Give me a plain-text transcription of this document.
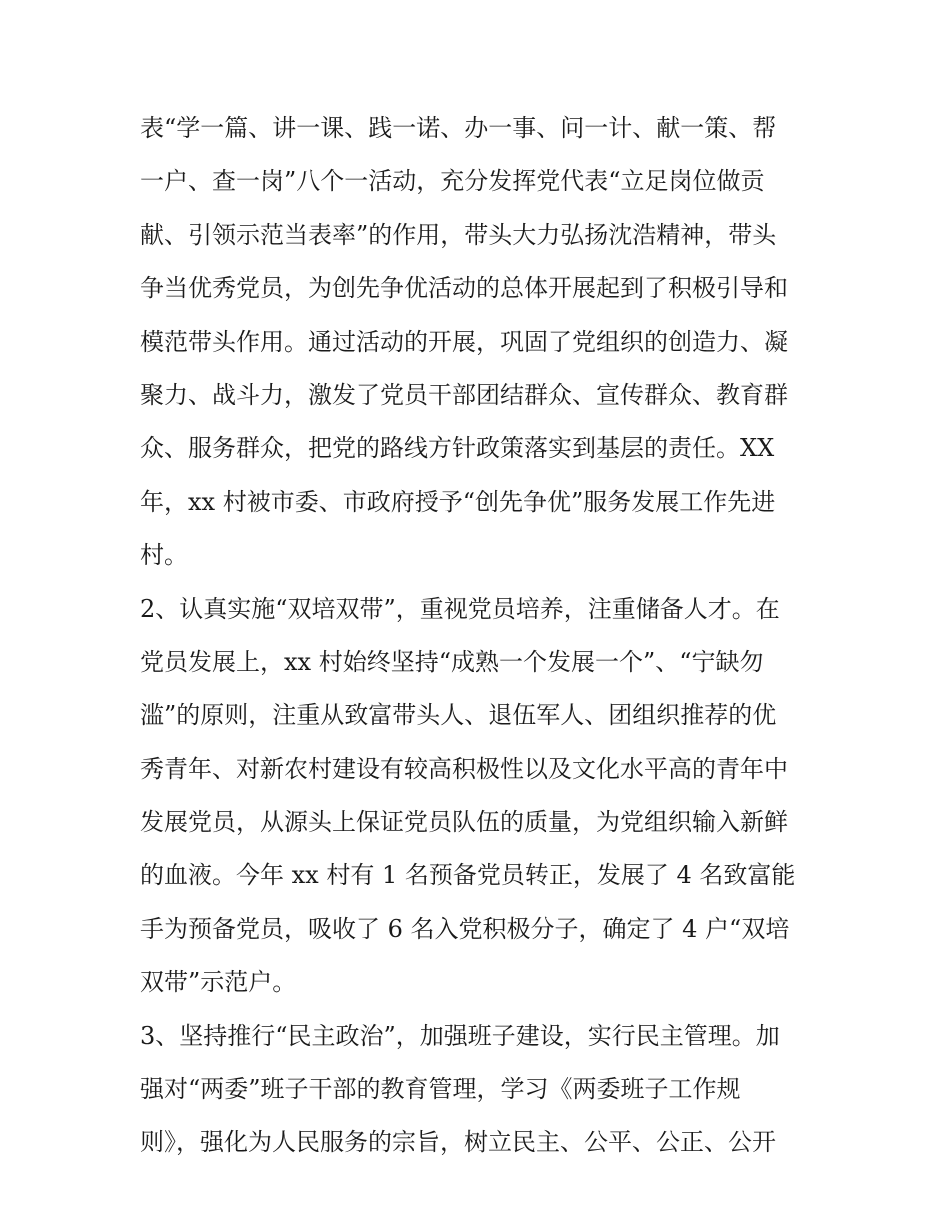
表“学一篇、讲一课、践一诺、办一事、问一计、献一策、帮
一户、查一岗”八个一活动，充分发挥党代表“立足岗位做贡
献、引领示范当表率”的作用，带头大力弘扬沈浩精神，带头
争当优秀党员，为创先争优活动的总体开展起到了积极引导和
模范带头作用。通过活动的开展，巩固了党组织的创造力、凝
聚力、战斗力，激发了党员干部团结群众、宣传群众、教育群
众、服务群众，把党的路线方针政策落实到基层的责任。XX
年，xx 村被市委、市政府授予“创先争优”服务发展工作先进
村。
2、认真实施“双培双带”，重视党员培养，注重储备人才。在
党员发展上，xx 村始终坚持“成熟一个发展一个”、“宁缺勿
滥”的原则，注重从致富带头人、退伍军人、团组织推荐的优
秀青年、对新农村建设有较高积极性以及文化水平高的青年中
发展党员，从源头上保证党员队伍的质量，为党组织输入新鲜
的血液。今年 xx 村有 1 名预备党员转正，发展了 4 名致富能
手为预备党员，吸收了 6 名入党积极分子，确定了 4 户“双培
双带”示范户。
3、坚持推行“民主政治”，加强班子建设，实行民主管理。加
强对“两委”班子干部的教育管理，学习《两委班子工作规
则》，强化为人民服务的宗旨，树立民主、公平、公正、公开
